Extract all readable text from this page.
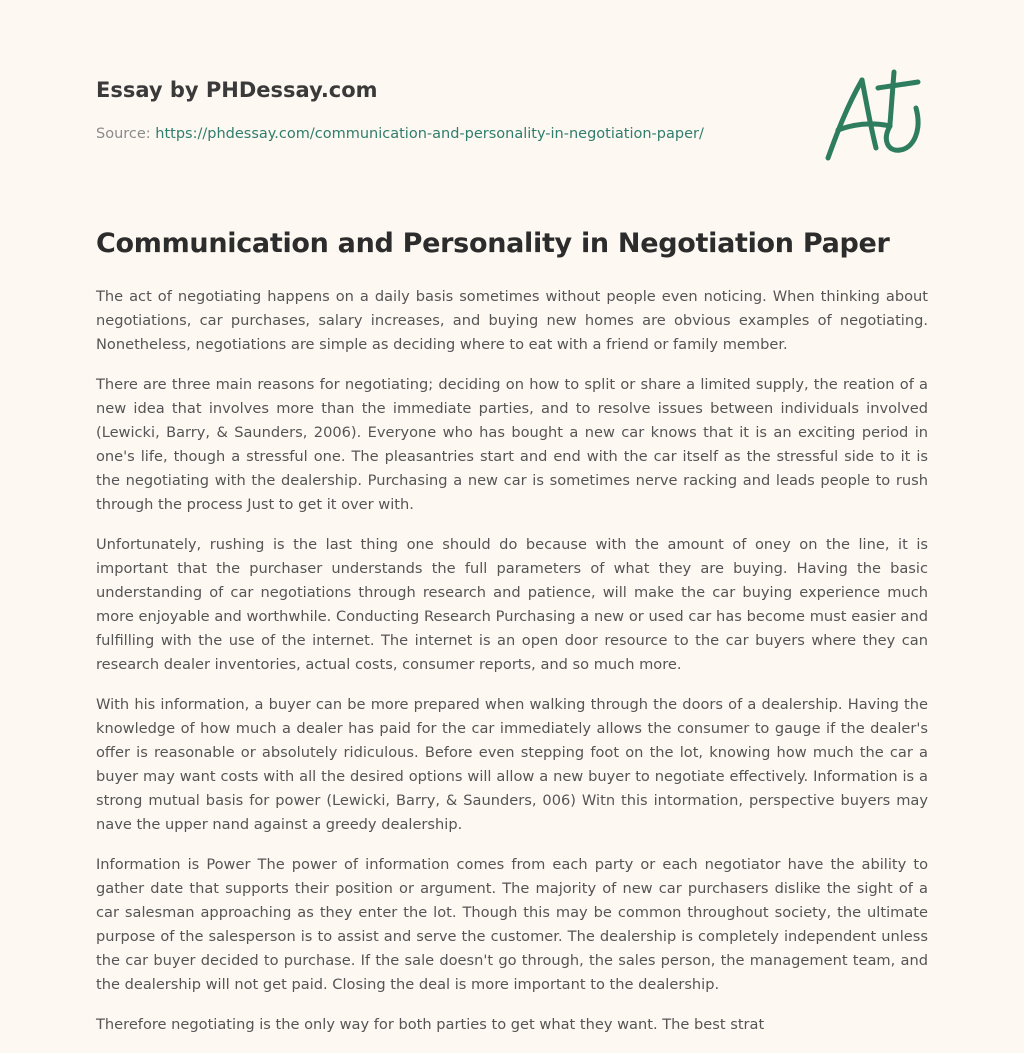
Essay by PHDessay.com
Source: https://phdessay.com/communication-and-personality-in-negotiation-paper/
Communication and Personality in Negotiation Paper

The act of negotiating happens on a daily basis sometimes without people even noticing. When thinking about negotiations, car purchases, salary increases, and buying new homes are obvious examples of negotiating. Nonetheless, negotiations are simple as deciding where to eat with a friend or family member.

There are three main reasons for negotiating; deciding on how to split or share a limited supply, the reation of a new idea that involves more than the immediate parties, and to resolve issues between individuals involved (Lewicki, Barry, & Saunders, 2006). Everyone who has bought a new car knows that it is an exciting period in one's life, though a stressful one. The pleasantries start and end with the car itself as the stressful side to it is the negotiating with the dealership. Purchasing a new car is sometimes nerve racking and leads people to rush through the process Just to get it over with.

Unfortunately, rushing is the last thing one should do because with the amount of oney on the line, it is important that the purchaser understands the full parameters of what they are buying. Having the basic understanding of car negotiations through research and patience, will make the car buying experience much more enjoyable and worthwhile. Conducting Research Purchasing a new or used car has become must easier and fulfilling with the use of the internet. The internet is an open door resource to the car buyers where they can research dealer inventories, actual costs, consumer reports, and so much more.

With his information, a buyer can be more prepared when walking through the doors of a dealership. Having the knowledge of how much a dealer has paid for the car immediately allows the consumer to gauge if the dealer's offer is reasonable or absolutely ridiculous. Before even stepping foot on the lot, knowing how much the car a buyer may want costs with all the desired options will allow a new buyer to negotiate effectively. Information is a strong mutual basis for power (Lewicki, Barry, & Saunders, 006) Witn this intormation, perspective buyers may nave the upper nand against a greedy dealership.

Information is Power The power of information comes from each party or each negotiator have the ability to gather date that supports their position or argument. The majority of new car purchasers dislike the sight of a car salesman approaching as they enter the lot. Though this may be common throughout society, the ultimate purpose of the salesperson is to assist and serve the customer. The dealership is completely independent unless the car buyer decided to purchase. If the sale doesn't go through, the sales person, the management team, and the dealership will not get paid. Closing the deal is more important to the dealership.

Therefore negotiating is the only way for both parties to get what they want. The best strat
